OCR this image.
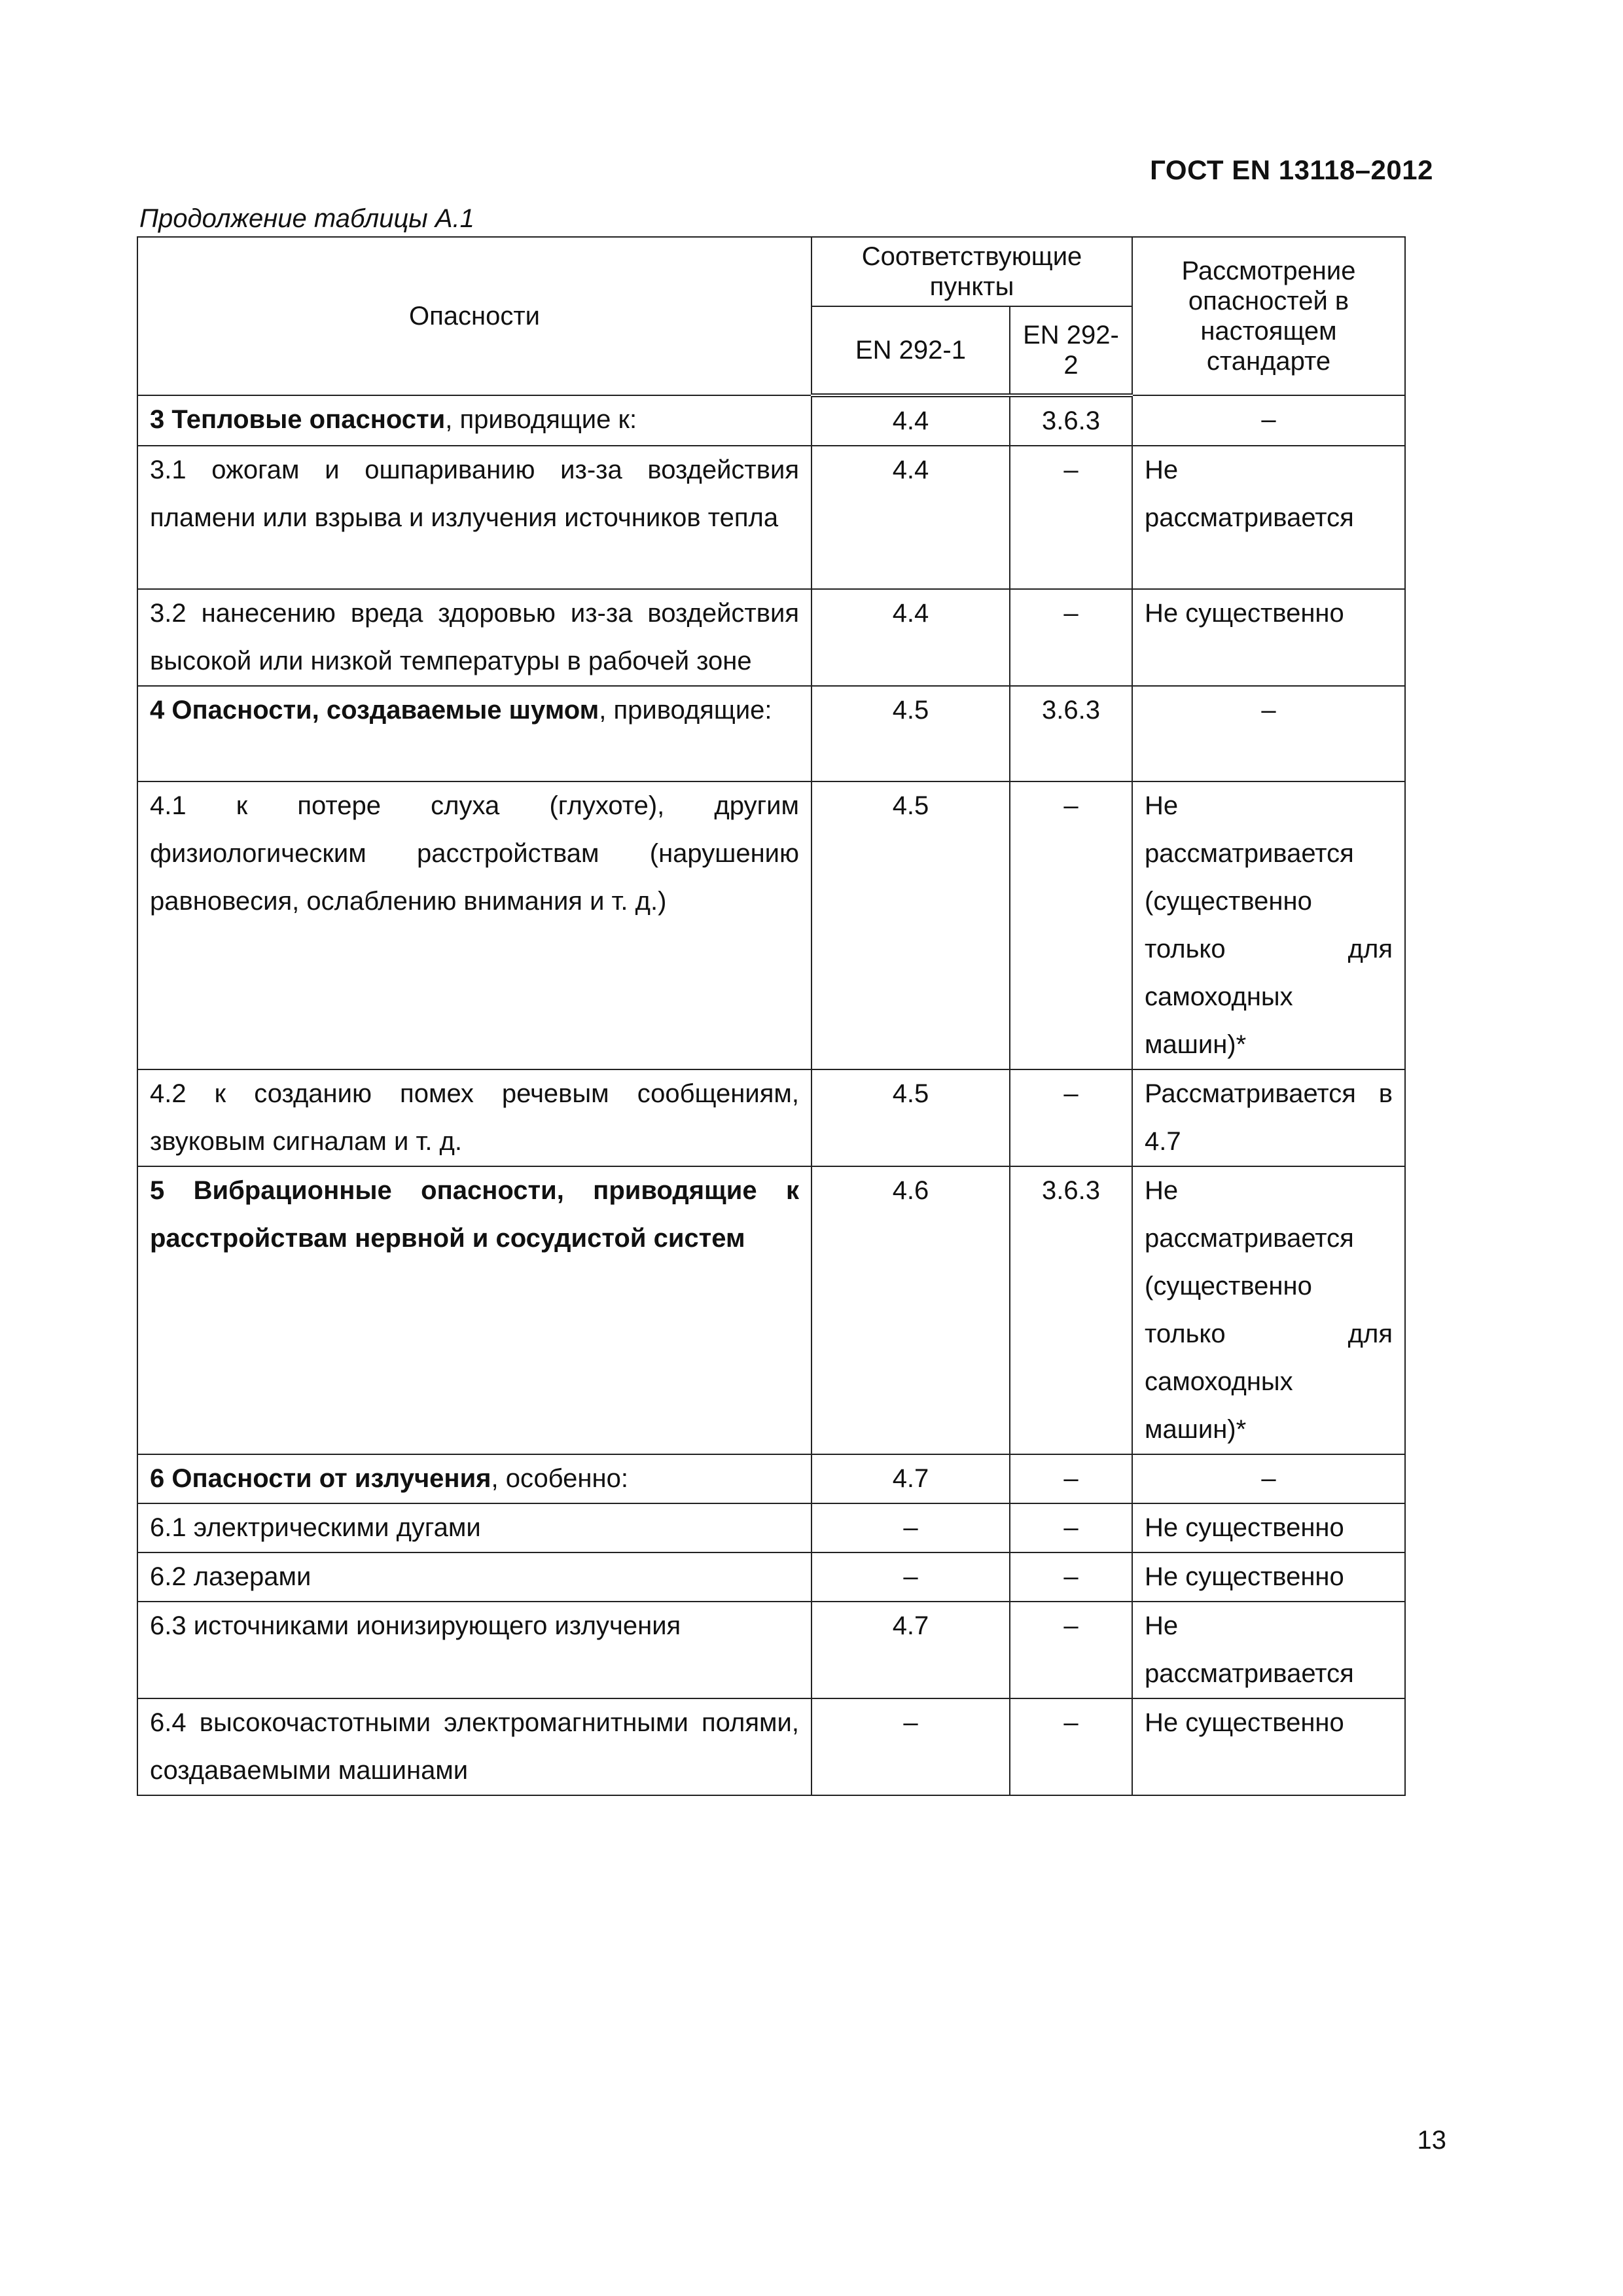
ГОСТ EN 13118–2012
Продолжение таблицы А.1
Опасности	Соответствующие пункты		Рассмотрение опасностей в настоящем стандарте
	EN 292-1	EN 292-2	
3 Тепловые опасности, приводящие к:	4.4	3.6.3	–
3.1 ожогам и ошпариванию из-за воздействия пламени или взрыва и излучения источников тепла	4.4	–	Не рассматривается
3.2 нанесению вреда здоровью из-за воздействия высокой или низкой температуры в рабочей зоне	4.4	–	Не существенно
4 Опасности, создаваемые шумом, приводящие:	4.5	3.6.3	–
4.1 к потере слуха (глухоте), другим физиологическим расстройствам (нарушению равновесия, ослаблению внимания и т. д.)	4.5	–	Не рассматривается (существенно только для самоходных машин)*
4.2 к созданию помех речевым сообщениям, звуковым сигналам и т. д.	4.5	–	Рассматривается в 4.7
5 Вибрационные опасности, приводящие к расстройствам нервной и сосудистой систем	4.6	3.6.3	Не рассматривается (существенно только для самоходных машин)*
6 Опасности от излучения, особенно:	4.7	–	–
6.1 электрическими дугами	–	–	Не существенно
6.2 лазерами	–	–	Не существенно
6.3 источниками ионизирующего излучения	4.7	–	Не рассматривается
6.4 высокочастотными электромагнитными полями, создаваемыми машинами	–	–	Не существенно
13
